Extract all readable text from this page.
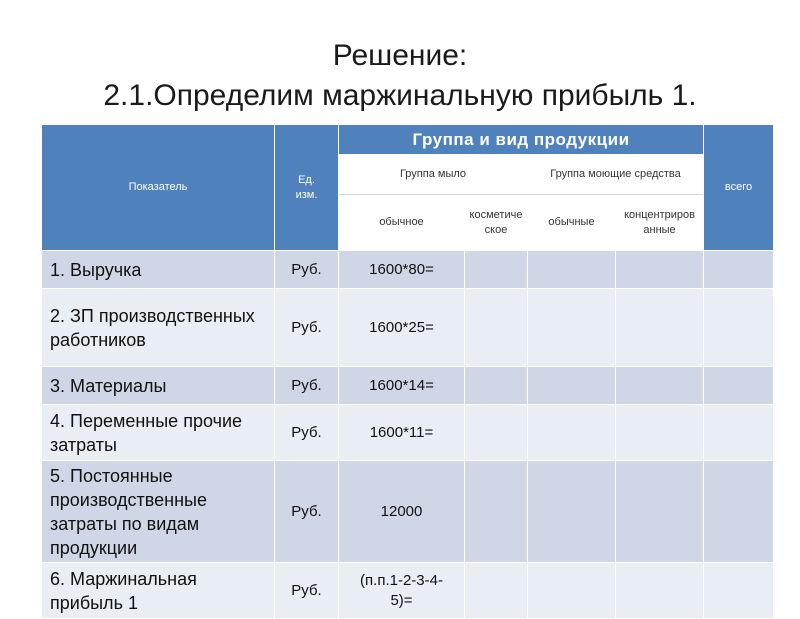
Решение:
2.1.Определим маржинальную прибыль 1.
Показатель	Ед. изм.	Группа и вид продукции				всего
		Группа мыло		Группа моющие средства		
		обычное	косметическое	обычные	концентрированные	
1. Выручка	Руб.	1600*80=				
2. ЗП производственных работников	Руб.	1600*25=				
3. Материалы	Руб.	1600*14=				
4. Переменные прочие затраты	Руб.	1600*11=				
5. Постоянные производственные затраты по видам продукции	Руб.	12000				
6. Маржинальная прибыль 1	Руб.	(п.п.1-2-3-4-5)=				
